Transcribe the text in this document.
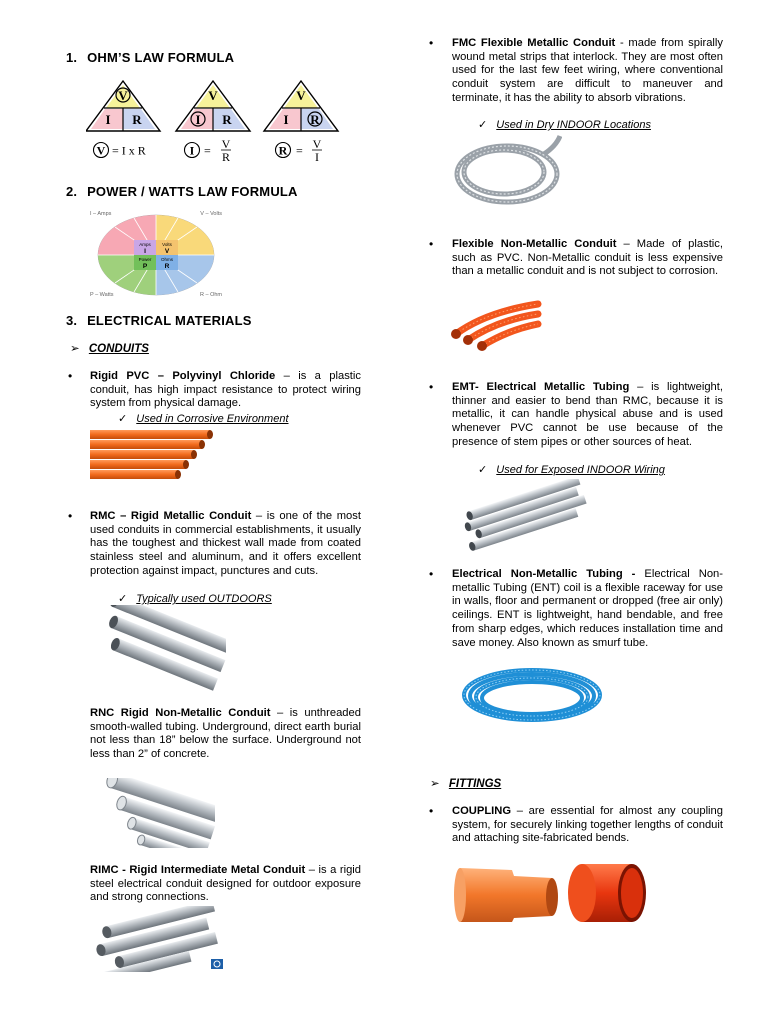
1. OHM’S LAW FORMULA
V
I R
V
I R
V
I R
V = I x R	I = V
R	R = V
I
2. POWER / WATTS LAW FORMULA
I – Amps	V – Volts
P – Watts	R – Ohm
Amps
I
Volts
V
Power
P
Ohms
R
3. ELECTRICAL MATERIALS
➢ CONDUITS
• Rigid PVC – Polyvinyl Chloride – is a plastic conduit, has high impact resistance to protect wiring system from physical damage.
✓ Used in Corrosive Environment
• RMC – Rigid Metallic Conduit – is one of the most used conduits in commercial establishments, it usually has the toughest and thickest wall made from coated stainless steel and aluminum, and it offers excellent protection against impact, punctures and cuts.
✓ Typically used OUTDOORS
RNC Rigid Non-Metallic Conduit – is unthreaded smooth-walled tubing. Underground, direct earth burial not less than 18” below the surface. Underground not less than 2” of concrete.
RIMC - Rigid Intermediate Metal Conduit – is a rigid steel electrical conduit designed for outdoor exposure and strong connections.
• FMC Flexible Metallic Conduit - made from spirally wound metal strips that interlock. They are most often used for the last few feet wiring, where conventional conduit system are difficult to maneuver and terminate, it has the ability to absorb vibrations.
✓ Used in Dry INDOOR Locations
• Flexible Non-Metallic Conduit – Made of plastic, such as PVC. Non-Metallic conduit is less expensive than a metallic conduit and is not subject to corrosion.
• EMT- Electrical Metallic Tubing – is lightweight, thinner and easier to bend than RMC, because it is metallic, it can handle physical abuse and is used whenever PVC cannot be use because of the presence of stem pipes or other sources of heat.
✓ Used for Exposed INDOOR Wiring
• Electrical Non-Metallic Tubing - Electrical Non-metallic Tubing (ENT) coil is a flexible raceway for use in walls, floor and permanent or dropped (free air only) ceilings. ENT is lightweight, hand bendable, and free from sharp edges, which reduces installation time and save money. Also known as smurf tube.
➢ FITTINGS
• COUPLING – are essential for almost any coupling system, for securely linking together lengths of conduit and attaching site-fabricated bends.
